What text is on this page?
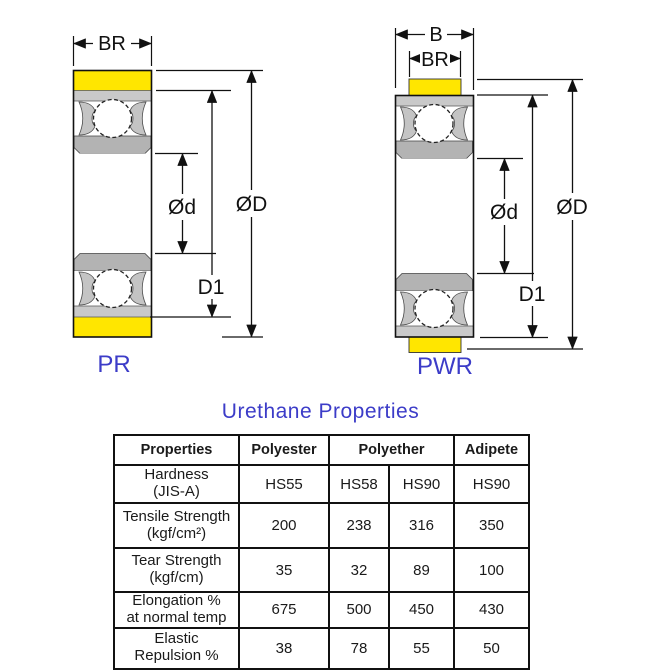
BR
ØD
D1
Ød
PR
B
BR
ØD
D1
Ød
PWR
Urethane Properties
Properties	Polyester	Polyether		Adipete
Hardness
(JIS-A)	HS55	HS58	HS90	HS90
Tensile Strength
(kgf/cm²)	200	238	316	350
Tear Strength
(kgf/cm)	35	32	89	100
Elongation %
at normal temp	675	500	450	430
Elastic
Repulsion %	38	78	55	50
